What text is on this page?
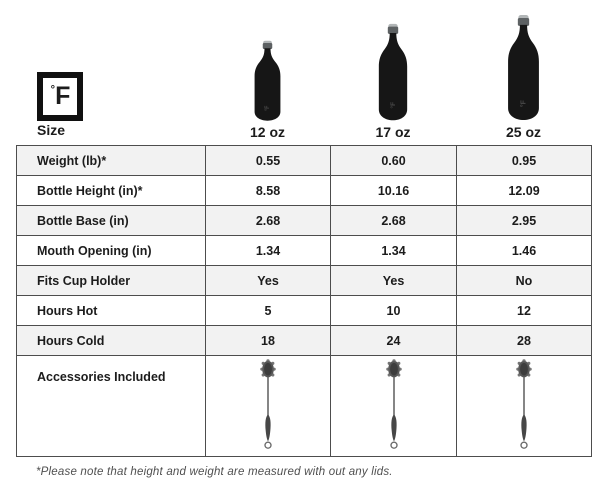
° F
Size
°F	°F	°F
12 oz	17 oz	25 oz
Weight (lb)*	0.55	0.60	0.95
Bottle Height (in)*	8.58	10.16	12.09
Bottle Base (in)	2.68	2.68	2.95
Mouth Opening (in)	1.34	1.34	1.46
Fits Cup Holder	Yes	Yes	No
Hours Hot	5	10	12
Hours Cold	18	24	28
Accessories Included			
*Please note that height and weight are measured with out any lids.
